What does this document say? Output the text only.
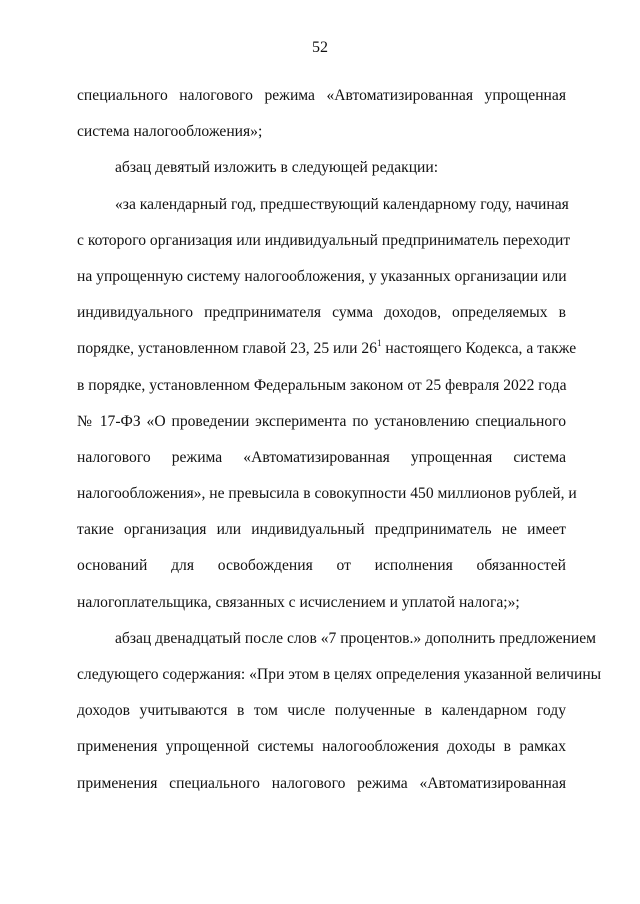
52
специального налогового режима «Автоматизированная упрощенная
система налогообложения»;
абзац девятый изложить в следующей редакции:
«за календарный год, предшествующий календарному году, начиная
с которого организация или индивидуальный предприниматель переходит
на упрощенную систему налогообложения, у указанных организации или
индивидуального предпринимателя сумма доходов, определяемых в
порядке, установленном главой 23, 25 или $26^1$ настоящего Кодекса, а также
в порядке, установленном Федеральным законом от 25 февраля 2022 года
№ 17-ФЗ «О проведении эксперимента по установлению специального
налогового режима «Автоматизированная упрощенная система
налогообложения», не превысила в совокупности 450 миллионов рублей, и
такие организация или индивидуальный предприниматель не имеет
оснований для освобождения от исполнения обязанностей
налогоплательщика, связанных с исчислением и уплатой налога;»;
абзац двенадцатый после слов «7 процентов.» дополнить предложением
следующего содержания: «При этом в целях определения указанной величины
доходов учитываются в том числе полученные в календарном году
применения упрощенной системы налогообложения доходы в рамках
применения специального налогового режима «Автоматизированная
